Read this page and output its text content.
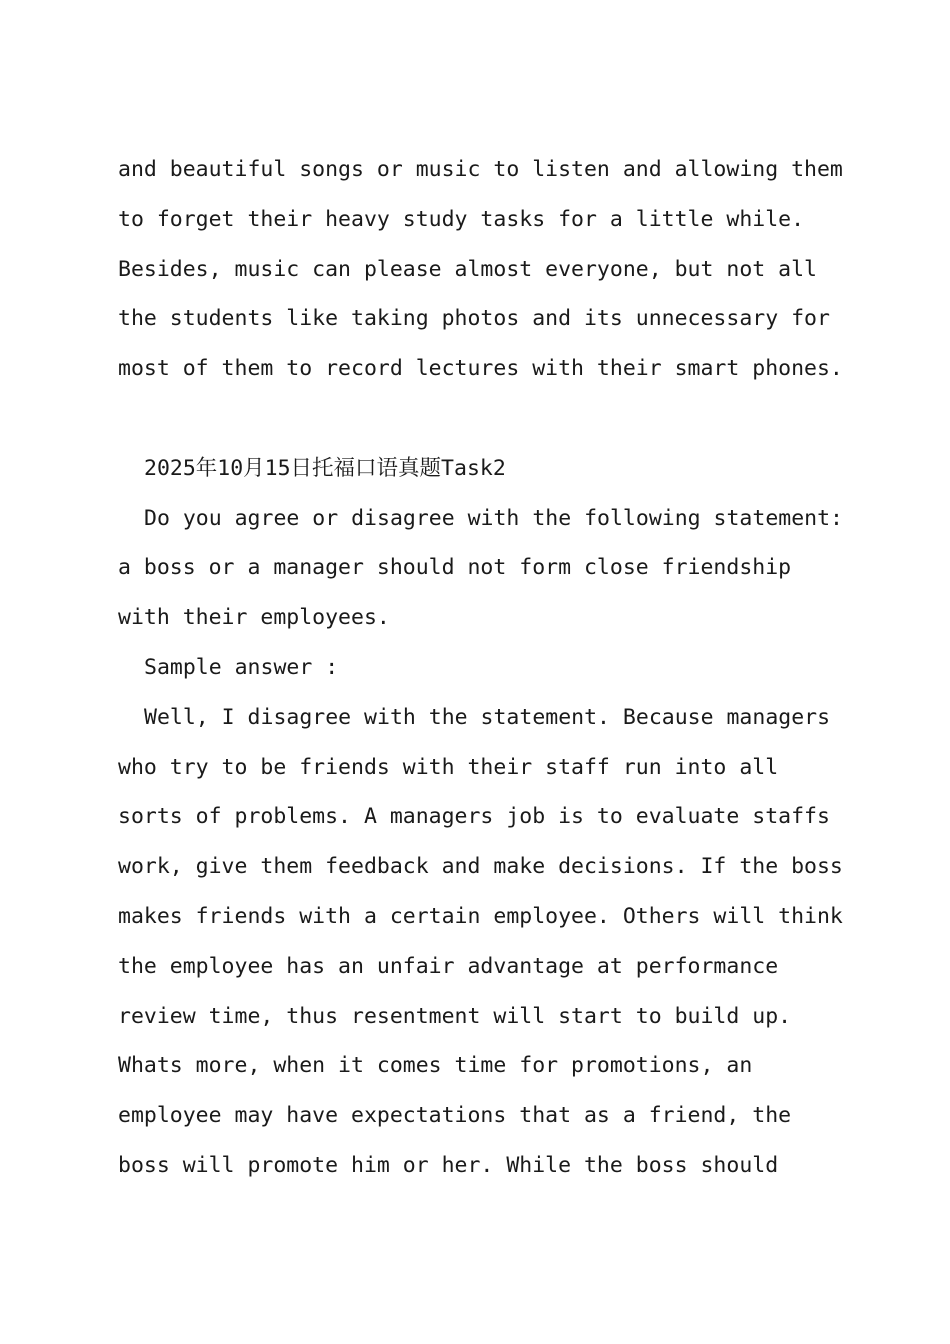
and beautiful songs or music to listen and allowing them
to forget their heavy study tasks for a little while.
Besides, music can please almost everyone, but not all
the students like taking photos and its unnecessary for
most of them to record lectures with their smart phones.
2025年10月15日托福口语真题Task2
Do you agree or disagree with the following statement:
a boss or a manager should not form close friendship
with their employees.
Sample answer :
Well, I disagree with the statement. Because managers
who try to be friends with their staff run into all
sorts of problems. A managers job is to evaluate staffs
work, give them feedback and make decisions. If the boss
makes friends with a certain employee. Others will think
the employee has an unfair advantage at performance
review time, thus resentment will start to build up.
Whats more, when it comes time for promotions, an
employee may have expectations that as a friend, the
boss will promote him or her. While the boss should
